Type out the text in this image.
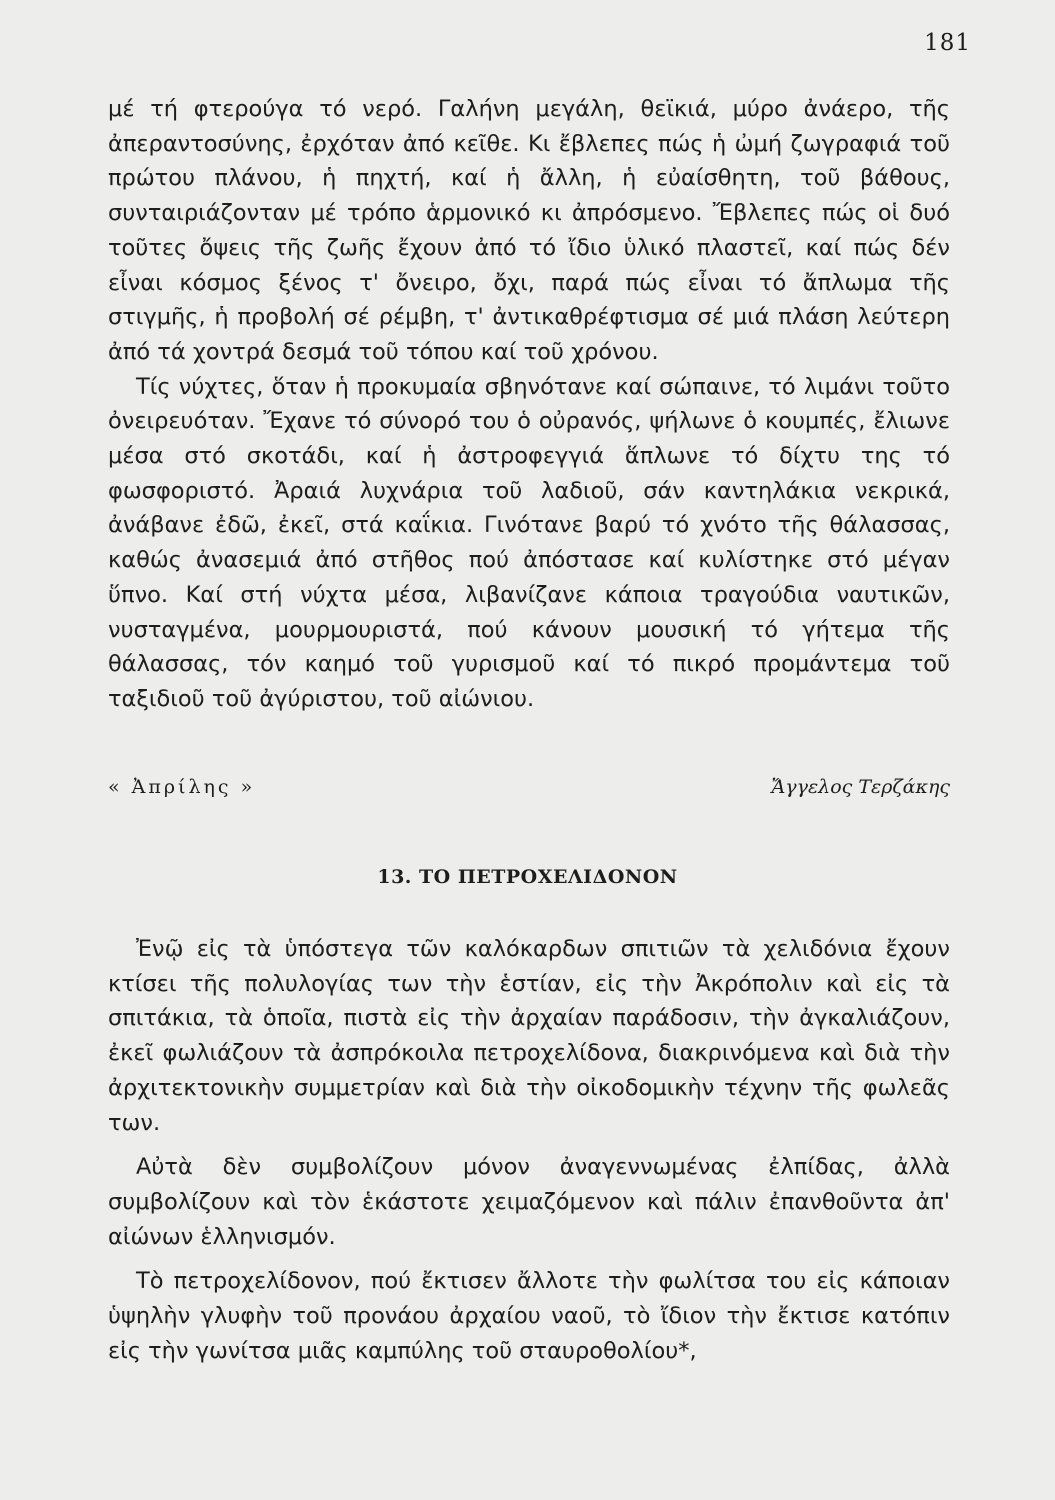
181

μέ τή φτερούγα τό νερό. Γαλήνη μεγάλη, θεϊκιά, μύρο ἀνάερο, τῆς ἀπεραντοσύνης, ἐρχόταν ἀπό κεῖθε. Κι ἔβλεπες πώς ἡ ὠμή ζωγραφιά τοῦ πρώτου πλάνου, ἡ πηχτή, καί ἡ ἄλλη, ἡ εὐαίσθητη, τοῦ βάθους, συνταιριάζονταν μέ τρόπο ἁρμονικό κι ἀπρόσμενο. Ἔβλεπες πώς οἱ δυό τοῦτες ὄψεις τῆς ζωῆς ἔχουν ἀπό τό ἴδιο ὑλικό πλαστεῖ, καί πώς δέν εἶναι κόσμος ξένος τ' ὄνειρο, ὄχι, παρά πώς εἶναι τό ἄπλωμα τῆς στιγμῆς, ἡ προβολή σέ ρέμβη, τ' ἀντικαθρέφτισμα σέ μιά πλάση λεύτερη ἀπό τά χοντρά δεσμά τοῦ τόπου καί τοῦ χρόνου.

Τίς νύχτες, ὅταν ἡ προκυμαία σβηνότανε καί σώπαινε, τό λιμάνι τοῦτο ὀνειρευόταν. Ἔχανε τό σύνορό του ὁ οὐρανός, ψήλωνε ὁ κουμπές, ἔλιωνε μέσα στό σκοτάδι, καί ἡ ἀστροφεγγιά ἅπλωνε τό δίχτυ της τό φωσφοριστό. Ἀραιά λυχνάρια τοῦ λαδιοῦ, σάν καντηλάκια νεκρικά, ἀνάβανε ἐδῶ, ἐκεῖ, στά καΐκια. Γινότανε βαρύ τό χνότο τῆς θάλασσας, καθώς ἀνασεμιά ἀπό στῆθος πού ἀπόστασε καί κυλίστηκε στό μέγαν ὕπνο. Καί στή νύχτα μέσα, λιβανίζανε κάποια τραγούδια ναυτικῶν, νυσταγμένα, μουρμουριστά, πού κάνουν μουσική τό γήτεμα τῆς θάλασσας, τόν καημό τοῦ γυρισμοῦ καί τό πικρό προμάντεμα τοῦ ταξιδιοῦ τοῦ ἀγύριστου, τοῦ αἰώνιου.

« Ἀπρίλης »	Ἄγγελος Τερζάκης
13. ΤΟ ΠΕΤΡΟΧΕΛΙΔΟΝΟΝ

Ἐνῷ εἰς τὰ ὑπόστεγα τῶν καλόκαρδων σπιτιῶν τὰ χελιδόνια ἔχουν κτίσει τῆς πολυλογίας των τὴν ἑστίαν, εἰς τὴν Ἀκρόπολιν καὶ εἰς τὰ σπιτάκια, τὰ ὁποῖα, πιστὰ εἰς τὴν ἀρχαίαν παράδοσιν, τὴν ἀγκαλιάζουν, ἐκεῖ φωλιάζουν τὰ ἀσπρόκοιλα πετροχελίδονα, διακρινόμενα καὶ διὰ τὴν ἀρχιτεκτονικὴν συμμετρίαν καὶ διὰ τὴν οἰκοδομικὴν τέχνην τῆς φωλεᾶς των.

Αὐτὰ δὲν συμβολίζουν μόνον ἀναγεννωμένας ἐλπίδας, ἀλλὰ συμβολίζουν καὶ τὸν ἑκάστοτε χειμαζόμενον καὶ πάλιν ἐπανθοῦντα ἀπ' αἰώνων ἑλληνισμόν.

Τὸ πετροχελίδονον, πού ἔκτισεν ἄλλοτε τὴν φωλίτσα του εἰς κάποιαν ὑψηλὴν γλυφὴν τοῦ προνάου ἀρχαίου ναοῦ, τὸ ἴδιον τὴν ἔκτισε κατόπιν εἰς τὴν γωνίτσα μιᾶς καμπύλης τοῦ σταυροθολίου*,
